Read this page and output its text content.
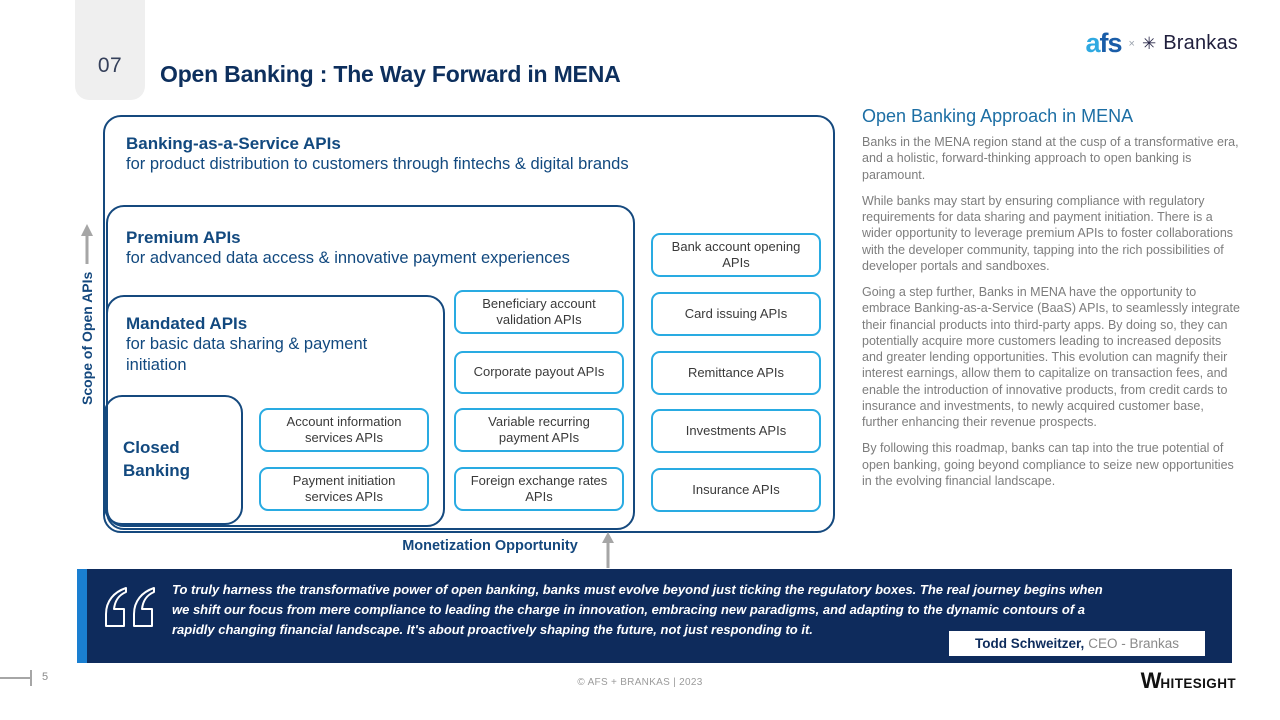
07 Open Banking : The Way Forward in MENA
afs × ✳ Brankas
Banking-as-a-Service APIs
for product distribution to customers through fintechs & digital brands
Premium APIs
for advanced data access & innovative payment experiences
Mandated APIs
for basic data sharing & payment initiation
Closed Banking
Account information services APIs
Payment initiation services APIs
Beneficiary account validation APIs
Corporate payout APIs
Variable recurring payment APIs
Foreign exchange rates APIs
Bank account opening APIs
Card issuing APIs
Remittance APIs
Investments APIs
Insurance APIs
Scope of Open APIs
Monetization Opportunity
Open Banking Approach in MENA

Banks in the MENA region stand at the cusp of a transformative era, and a holistic, forward-thinking approach to open banking is paramount.

While banks may start by ensuring compliance with regulatory requirements for data sharing and payment initiation. There is a wider opportunity to leverage premium APIs to foster collaborations with the developer community, tapping into the rich possibilities of developer portals and sandboxes.

Going a step further, Banks in MENA have the opportunity to embrace Banking-as-a-Service (BaaS) APIs, to seamlessly integrate their financial products into third-party apps. By doing so, they can potentially acquire more customers leading to increased deposits and greater lending opportunities. This evolution can magnify their interest earnings, allow them to capitalize on transaction fees, and enable the introduction of innovative products, from credit cards to insurance and investments, to newly acquired customer base, further enhancing their revenue prospects.

By following this roadmap, banks can tap into the true potential of open banking, going beyond compliance to seize new opportunities in the evolving financial landscape.

To truly harness the transformative power of open banking, banks must evolve beyond just ticking the regulatory boxes. The real journey begins when we shift our focus from mere compliance to leading the charge in innovation, embracing new paradigms, and adapting to the dynamic contours of a rapidly changing financial landscape. It's about proactively shaping the future, not just responding to it.
Todd Schweitzer, CEO - Brankas
5	© AFS + BRANKAS | 2023	W HITESIGHT
